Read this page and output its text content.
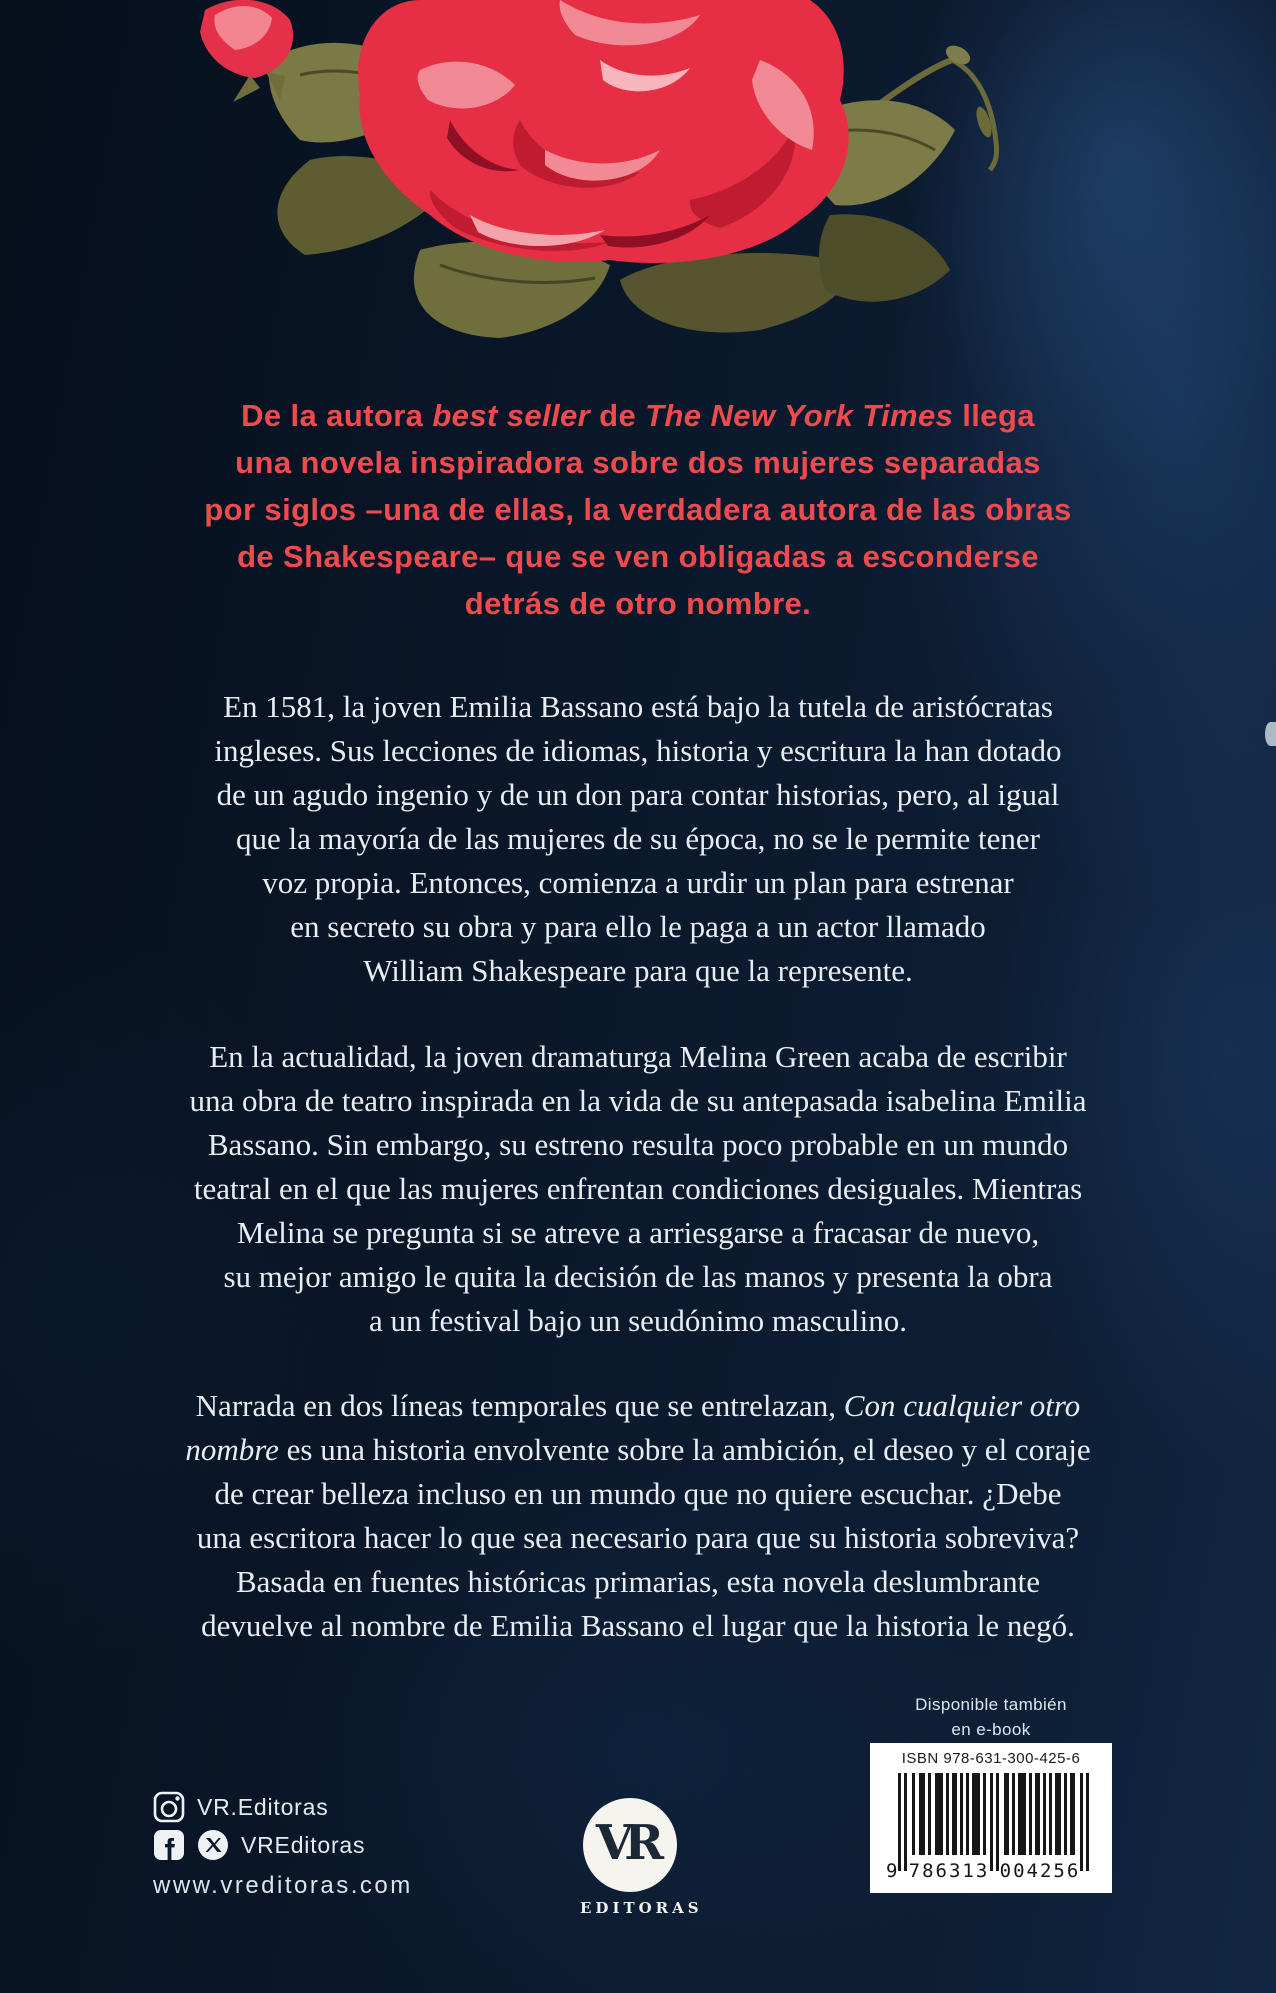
De la autora best seller de The New York Times llega
una novela inspiradora sobre dos mujeres separadas
por siglos –una de ellas, la verdadera autora de las obras
de Shakespeare– que se ven obligadas a esconderse
detrás de otro nombre.
En 1581, la joven Emilia Bassano está bajo la tutela de aristócratas
ingleses. Sus lecciones de idiomas, historia y escritura la han dotado
de un agudo ingenio y de un don para contar historias, pero, al igual
que la mayoría de las mujeres de su época, no se le permite tener
voz propia. Entonces, comienza a urdir un plan para estrenar
en secreto su obra y para ello le paga a un actor llamado
William Shakespeare para que la represente.
En la actualidad, la joven dramaturga Melina Green acaba de escribir
una obra de teatro inspirada en la vida de su antepasada isabelina Emilia
Bassano. Sin embargo, su estreno resulta poco probable en un mundo
teatral en el que las mujeres enfrentan condiciones desiguales. Mientras
Melina se pregunta si se atreve a arriesgarse a fracasar de nuevo,
su mejor amigo le quita la decisión de las manos y presenta la obra
a un festival bajo un seudónimo masculino.
Narrada en dos líneas temporales que se entrelazan, Con cualquier otro
nombre es una historia envolvente sobre la ambición, el deseo y el coraje
de crear belleza incluso en un mundo que no quiere escuchar. ¿Debe
una escritora hacer lo que sea necesario para que su historia sobreviva?
Basada en fuentes históricas primarias, esta novela deslumbrante
devuelve al nombre de Emilia Bassano el lugar que la historia le negó.
Disponible también
en e-book
VR.Editoras
VREditoras
www.vreditoras.com
VR
EDITORAS
ISBN 978-631-300-425-6
9 786313 004256
